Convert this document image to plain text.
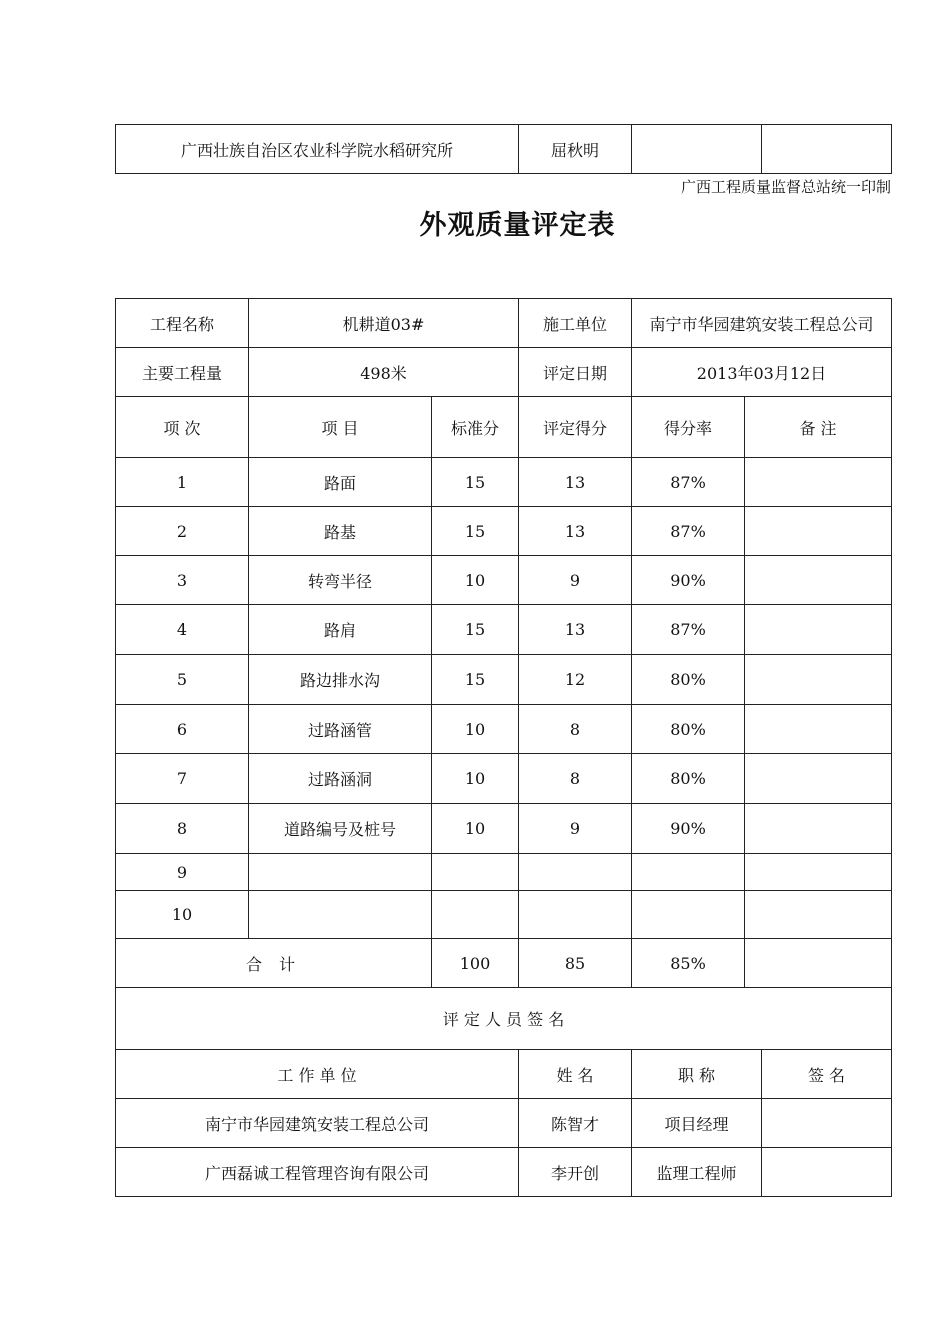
广西壮族自治区农业科学院水稻研究所	屈秋明		
广西工程质量监督总站统一印制
外观质量评定表
工程名称	机耕道03#		施工单位	南宁市华园建筑安装工程总公司		
主要工程量	498米		评定日期	2013年03月12日		
项 次	项 目	标准分	评定得分	得分率	备 注	
1	路面	15	13	87%		
2	路基	15	13	87%		
3	转弯半径	10	9	90%		
4	路肩	15	13	87%		
5	路边排水沟	15	12	80%		
6	过路涵管	10	8	80%		
7	过路涵洞	10	8	80%		
8	道路编号及桩号	10	9	90%		
9						
10						
合 计		100	85	85%		
评 定 人 员 签 名						
工 作 单 位			姓 名	职 称		签 名
南宁市华园建筑安装工程总公司			陈智才	项目经理		
广西磊诚工程管理咨询有限公司			李开创	监理工程师		
